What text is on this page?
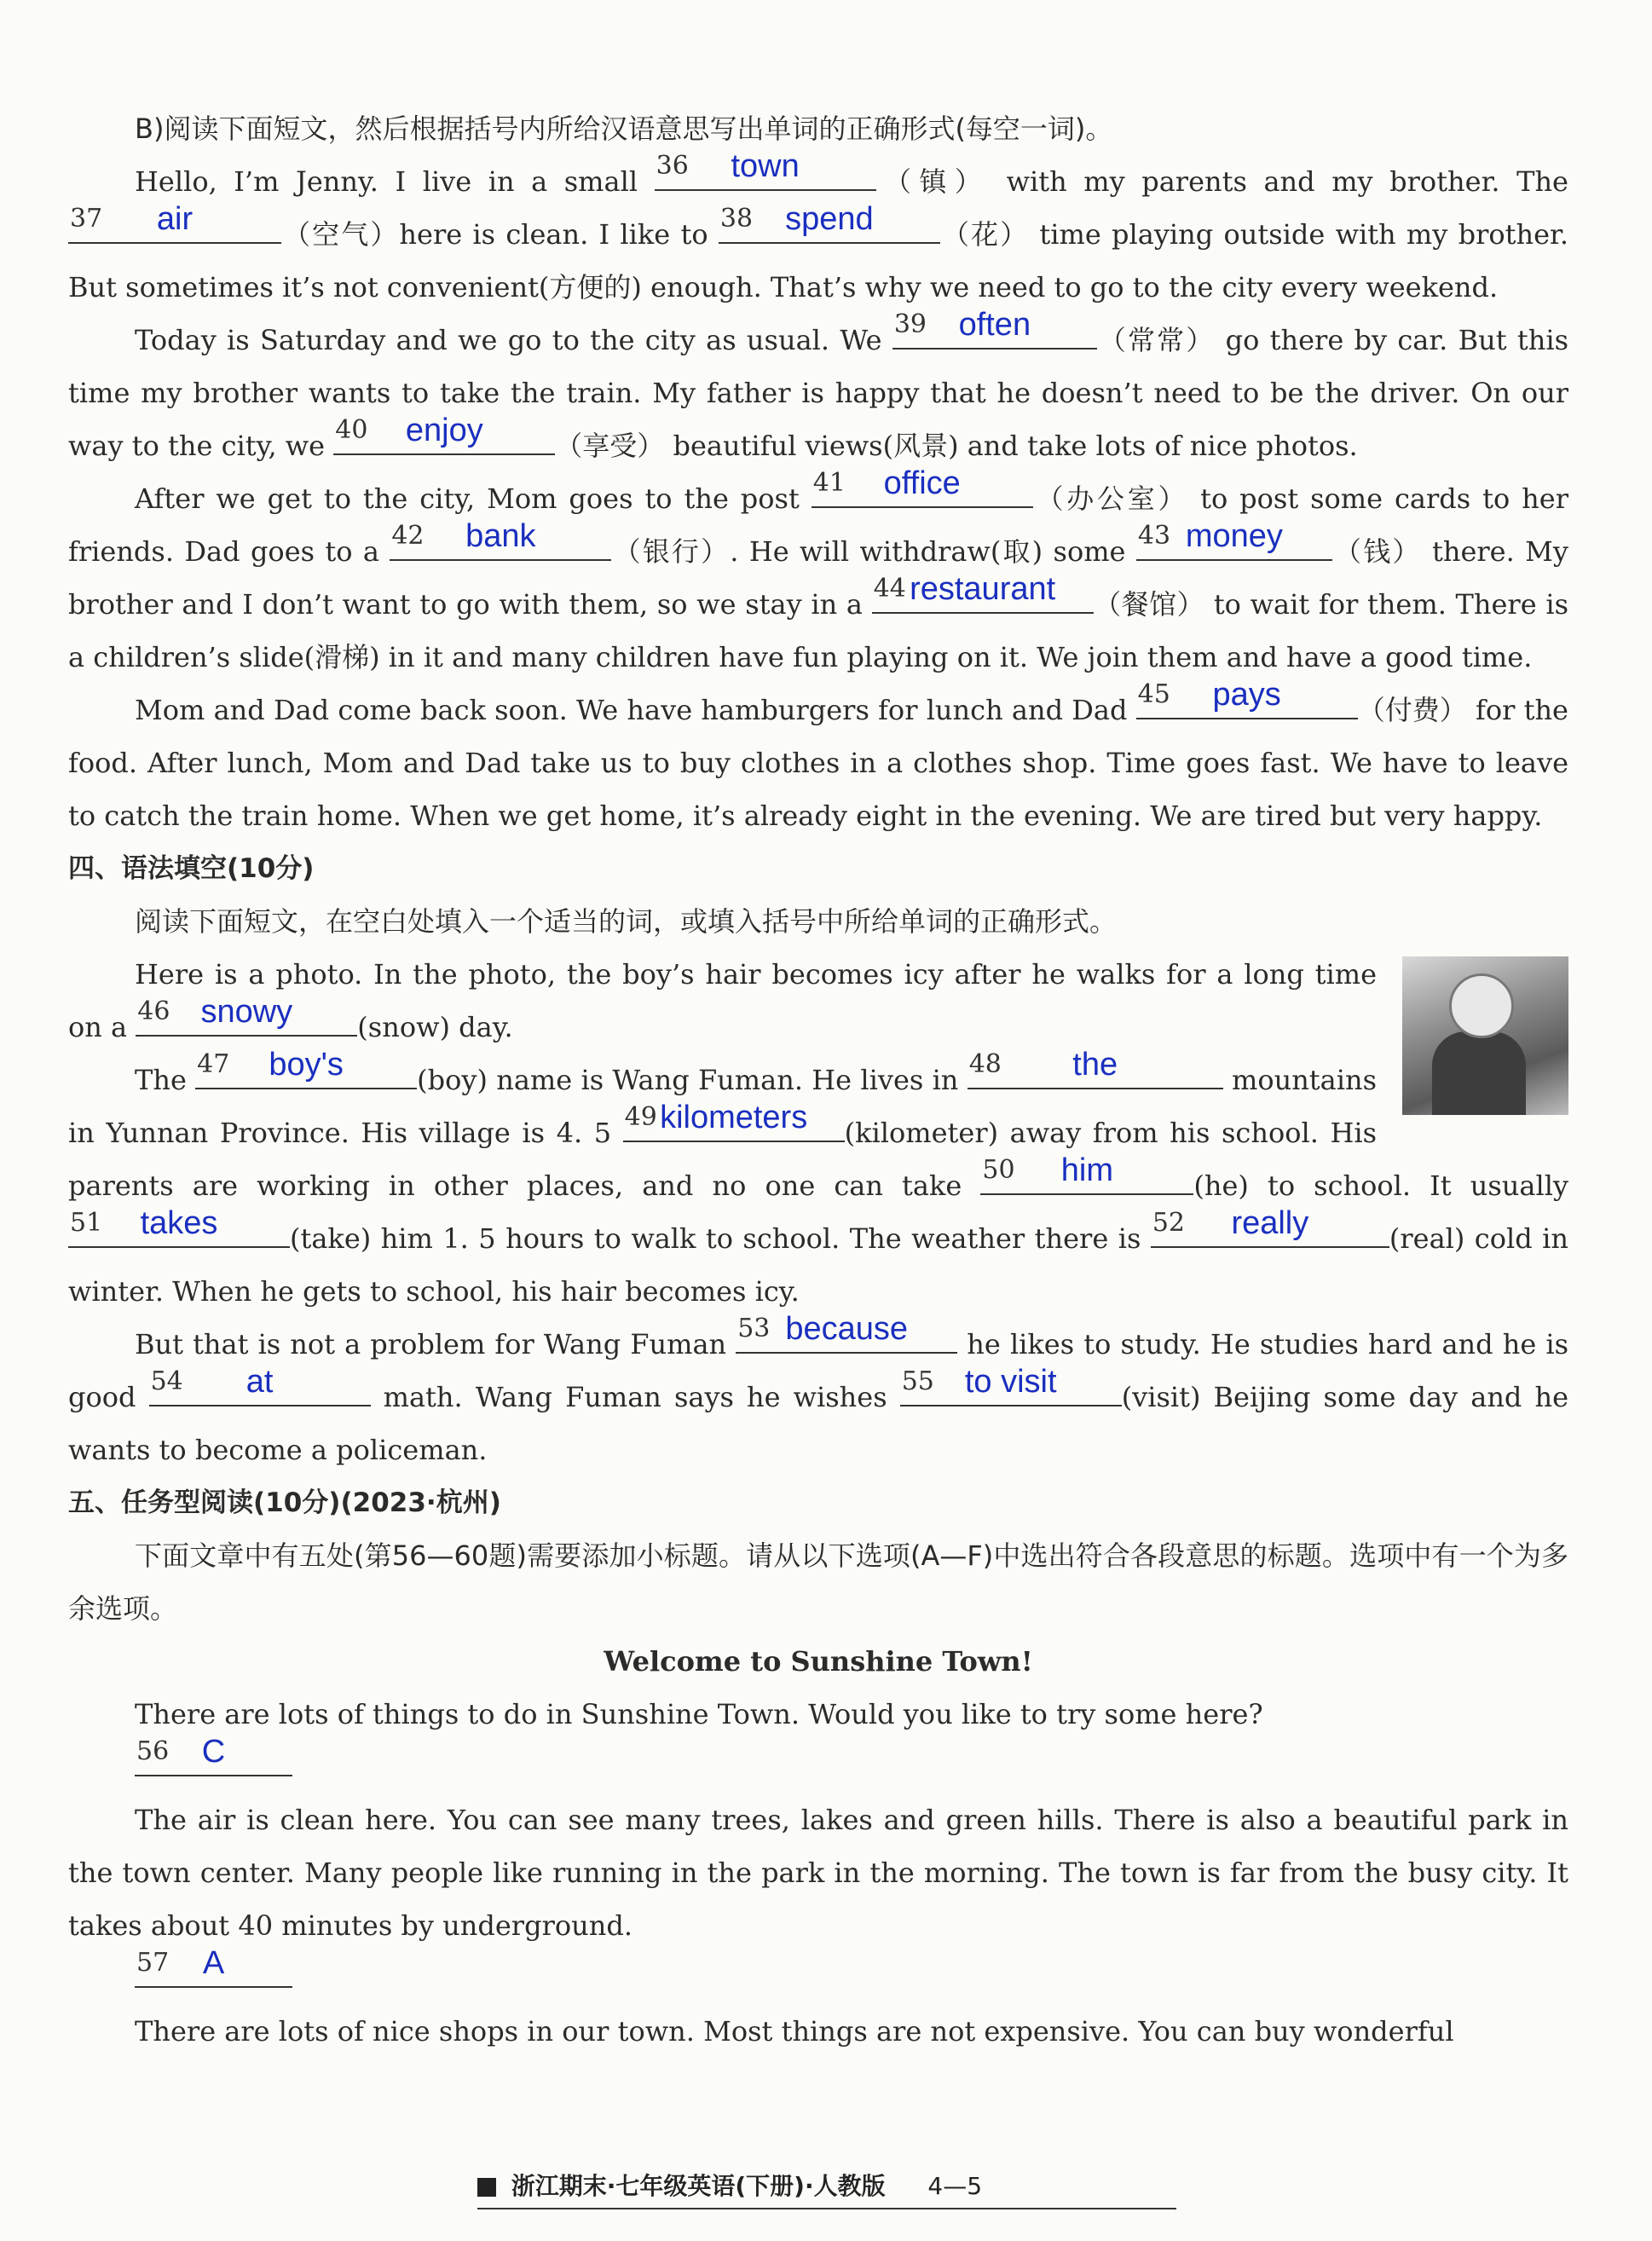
B)阅读下面短文，然后根据括号内所给汉语意思写出单词的正确形式(每空一词)。

Hello, I’m Jenny. I live in a small 36	town	（镇） with my parents and my brother. The
37	air	（空气）here is clean. I like to 38	spend	（花） time playing outside with my brother. But sometimes it’s not convenient(方便的) enough. That’s why we need to go to the city every weekend.

Today is Saturday and we go to the city as usual. We 39 often	（常常） go there by car. But this time my brother wants to take the train. My father is happy that he doesn’t need to be the driver. On our way to the city, we 40	enjoy	（享受） beautiful views(风景) and take lots of nice photos.

After we get to the city, Mom goes to the post 41	office	（办公室） to post some cards to her friends. Dad goes to a 42	bank	（银行）. He will withdraw(取) some 43 money	（钱） there. My brother and I don’t want to go with them, so we stay in a 44 restaurant	（餐馆） to wait for them. There is a children’s slide(滑梯) in it and many children have fun playing on it. We join them and have a good time.

Mom and Dad come back soon. We have hamburgers for lunch and Dad 45	pays	（付费） for the food. After lunch, Mom and Dad take us to buy clothes in a clothes shop. Time goes fast. We have to leave to catch the train home. When we get home, it’s already eight in the evening. We are tired but very happy.

四、语法填空(10分)

阅读下面短文，在空白处填入一个适当的词，或填入括号中所给单词的正确形式。

Here is a photo. In the photo, the boy’s hair becomes icy after he walks for a long time on a 46 snowy	(snow) day.

The 47	boy's	(boy) name is Wang Fuman. He lives in 48	the	mountains in Yunnan Province. His village is 4. 5 49 kilometers	(kilometer) away from his school. His parents are working in other places, and no one can take 50	him	(he) to school. It usually
51	takes	(take) him 1. 5 hours to walk to school. The weather there is 52	really	(real) cold in winter. When he gets to school, his hair becomes icy.

But that is not a problem for Wang Fuman 53 because	he likes to study. He studies hard and he is good 54	at	math. Wang Fuman says he wishes 55 to visit	(visit) Beijing some day and he wants to become a policeman.

五、任务型阅读(10分)(2023·杭州)

下面文章中有五处(第56—60题)需要添加小标题。请从以下选项(A—F)中选出符合各段意思的标题。选项中有一个为多余选项。

Welcome to Sunshine Town!

There are lots of things to do in Sunshine Town. Would you like to try some here?

56	C

The air is clean here. You can see many trees, lakes and green hills. There is also a beautiful park in the town center. Many people like running in the park in the morning. The town is far from the busy city. It takes about 40 minutes by underground.

57	A

There are lots of nice shops in our town. Most things are not expensive. You can buy wonderful

浙江期末·七年级英语(下册)·人教版 4—5
